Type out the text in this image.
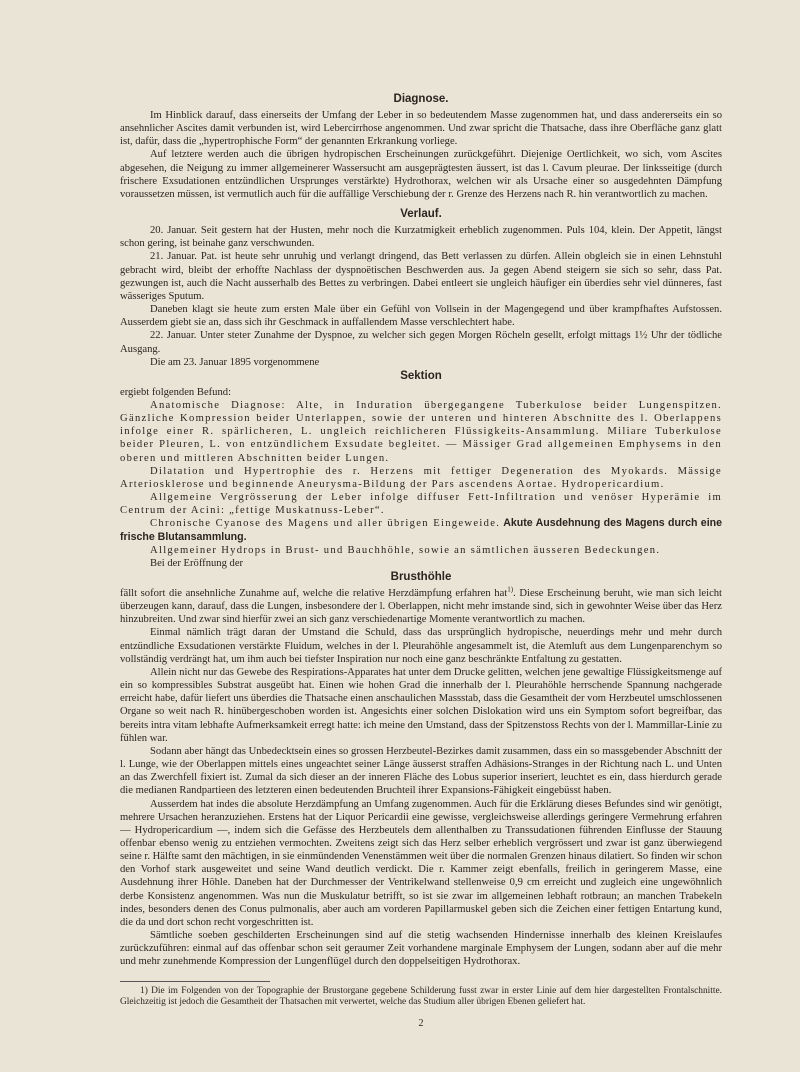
Diagnose.

Im Hinblick darauf, dass einerseits der Umfang der Leber in so bedeutendem Masse zugenommen hat, und dass andererseits ein so ansehnlicher Ascites damit verbunden ist, wird Lebercirrhose angenommen. Und zwar spricht die Thatsache, dass ihre Oberfläche ganz glatt ist, dafür, dass die „hypertrophische Form“ der genannten Erkrankung vorliege.

Auf letztere werden auch die übrigen hydropischen Erscheinungen zurückgeführt. Diejenige Oertlichkeit, wo sich, vom Ascites abgesehen, die Neigung zu immer allgemeinerer Wassersucht am ausgeprägtesten äussert, ist das l. Cavum pleurae. Der linksseitige (durch frischere Exsudationen entzündlichen Ursprunges verstärkte) Hydrothorax, welchen wir als Ursache einer so ausgedehnten Dämpfung voraussetzen müssen, ist vermutlich auch für die auffällige Verschiebung der r. Grenze des Herzens nach R. hin verantwortlich zu machen.

Verlauf.

20. Januar. Seit gestern hat der Husten, mehr noch die Kurzatmigkeit erheblich zugenommen. Puls 104, klein. Der Appetit, längst schon gering, ist beinahe ganz verschwunden.

21. Januar. Pat. ist heute sehr unruhig und verlangt dringend, das Bett verlassen zu dürfen. Allein obgleich sie in einen Lehnstuhl gebracht wird, bleibt der erhoffte Nachlass der dyspnoëtischen Beschwerden aus. Ja gegen Abend steigern sie sich so sehr, dass Pat. gezwungen ist, auch die Nacht ausserhalb des Bettes zu verbringen. Dabei entleert sie ungleich häufiger ein überdies sehr viel dünneres, fast wässeriges Sputum.

Daneben klagt sie heute zum ersten Male über ein Gefühl von Vollsein in der Magengegend und über krampfhaftes Aufstossen. Ausserdem giebt sie an, dass sich ihr Geschmack in auffallendem Masse verschlechtert habe.

22. Januar. Unter steter Zunahme der Dyspnoe, zu welcher sich gegen Morgen Röcheln gesellt, erfolgt mittags 1½ Uhr der tödliche Ausgang.

Die am 23. Januar 1895 vorgenommene

Sektion

ergiebt folgenden Befund:

Anatomische Diagnose: Alte, in Induration übergegangene Tuberkulose beider Lungenspitzen. Gänzliche Kompression beider Unterlappen, sowie der unteren und hinteren Abschnitte des l. Oberlappens infolge einer R. spärlicheren, L. ungleich reichlicheren Flüssigkeits-Ansammlung. Miliare Tuberkulose beider Pleuren, L. von entzündlichem Exsudate begleitet. — Mässiger Grad allgemeinen Emphysems in den oberen und mittleren Abschnitten beider Lungen.

Dilatation und Hypertrophie des r. Herzens mit fettiger Degeneration des Myokards. Mässige Arteriosklerose und beginnende Aneurysma-Bildung der Pars ascendens Aortae. Hydropericardium.

Allgemeine Vergrösserung der Leber infolge diffuser Fett-Infiltration und venöser Hyperämie im Centrum der Acini: „fettige Muskatnuss-Leber“.

Chronische Cyanose des Magens und aller übrigen Eingeweide. Akute Ausdehnung des Magens durch eine frische Blutansammlung.

Allgemeiner Hydrops in Brust- und Bauchhöhle, sowie an sämtlichen äusseren Bedeckungen.

Bei der Eröffnung der

Brusthöhle

fällt sofort die ansehnliche Zunahme auf, welche die relative Herzdämpfung erfahren hat$^{1)}$. Diese Erscheinung beruht, wie man sich leicht überzeugen kann, darauf, dass die Lungen, insbesondere der l. Oberlappen, nicht mehr imstande sind, sich in gewohnter Weise über das Herz hinzubreiten. Und zwar sind hierfür zwei an sich ganz verschiedenartige Momente verantwortlich zu machen.

Einmal nämlich trägt daran der Umstand die Schuld, dass das ursprünglich hydropische, neuerdings mehr und mehr durch entzündliche Exsudationen verstärkte Fluidum, welches in der l. Pleurahöhle angesammelt ist, die Atemluft aus dem Lungenparenchym so vollständig verdrängt hat, um ihm auch bei tiefster Inspiration nur noch eine ganz beschränkte Entfaltung zu gestatten.

Allein nicht nur das Gewebe des Respirations-Apparates hat unter dem Drucke gelitten, welchen jene gewaltige Flüssigkeitsmenge auf ein so kompressibles Substrat ausgeübt hat. Einen wie hohen Grad die innerhalb der l. Pleurahöhle herrschende Spannung nachgerade erreicht habe, dafür liefert uns überdies die Thatsache einen anschaulichen Massstab, dass die Gesamtheit der vom Herzbeutel umschlossenen Organe so weit nach R. hinübergeschoben worden ist. Angesichts einer solchen Dislokation wird uns ein Symptom sofort begreifbar, das bereits intra vitam lebhafte Aufmerksamkeit erregt hatte: ich meine den Umstand, dass der Spitzenstoss Rechts von der l. Mammillar-Linie zu fühlen war.

Sodann aber hängt das Unbedecktsein eines so grossen Herzbeutel-Bezirkes damit zusammen, dass ein so massgebender Abschnitt der l. Lunge, wie der Oberlappen mittels eines ungeachtet seiner Länge äusserst straffen Adhäsions-Stranges in der Richtung nach L. und Unten an das Zwerchfell fixiert ist. Zumal da sich dieser an der inneren Fläche des Lobus superior inseriert, leuchtet es ein, dass hierdurch gerade die medianen Randpartieen des letzteren einen bedeutenden Bruchteil ihrer Expansions-Fähigkeit eingebüsst haben.

Ausserdem hat indes die absolute Herzdämpfung an Umfang zugenommen. Auch für die Erklärung dieses Befundes sind wir genötigt, mehrere Ursachen heranzuziehen. Erstens hat der Liquor Pericardii eine gewisse, vergleichsweise allerdings geringere Vermehrung erfahren — Hydropericardium —, indem sich die Gefässe des Herzbeutels dem allenthalben zu Transsudationen führenden Einflusse der Stauung offenbar ebenso wenig zu entziehen vermochten. Zweitens zeigt sich das Herz selber erheblich vergrössert und zwar ist ganz überwiegend seine r. Hälfte samt den mächtigen, in sie einmündenden Venenstämmen weit über die normalen Grenzen hinaus dilatiert. So finden wir schon den Vorhof stark ausgeweitet und seine Wand deutlich verdickt. Die r. Kammer zeigt ebenfalls, freilich in geringerem Masse, eine Ausdehnung ihrer Höhle. Daneben hat der Durchmesser der Ventrikelwand stellenweise 0,9 cm erreicht und zugleich eine ungewöhnlich derbe Konsistenz angenommen. Was nun die Muskulatur betrifft, so ist sie zwar im allgemeinen lebhaft rotbraun; an manchen Trabekeln indes, besonders denen des Conus pulmonalis, aber auch am vorderen Papillarmuskel geben sich die Zeichen einer fettigen Entartung kund, die da und dort schon recht vorgeschritten ist.

Sämtliche soeben geschilderten Erscheinungen sind auf die stetig wachsenden Hindernisse innerhalb des kleinen Kreislaufes zurückzuführen: einmal auf das offenbar schon seit geraumer Zeit vorhandene marginale Emphysem der Lungen, sodann aber auf die mehr und mehr zunehmende Kompression der Lungenflügel durch den doppelseitigen Hydrothorax.

1) Die im Folgenden von der Topographie der Brustorgane gegebene Schilderung fusst zwar in erster Linie auf dem hier dargestellten Frontalschnitte. Gleichzeitig ist jedoch die Gesamtheit der Thatsachen mit verwertet, welche das Studium aller übrigen Ebenen geliefert hat.

2
